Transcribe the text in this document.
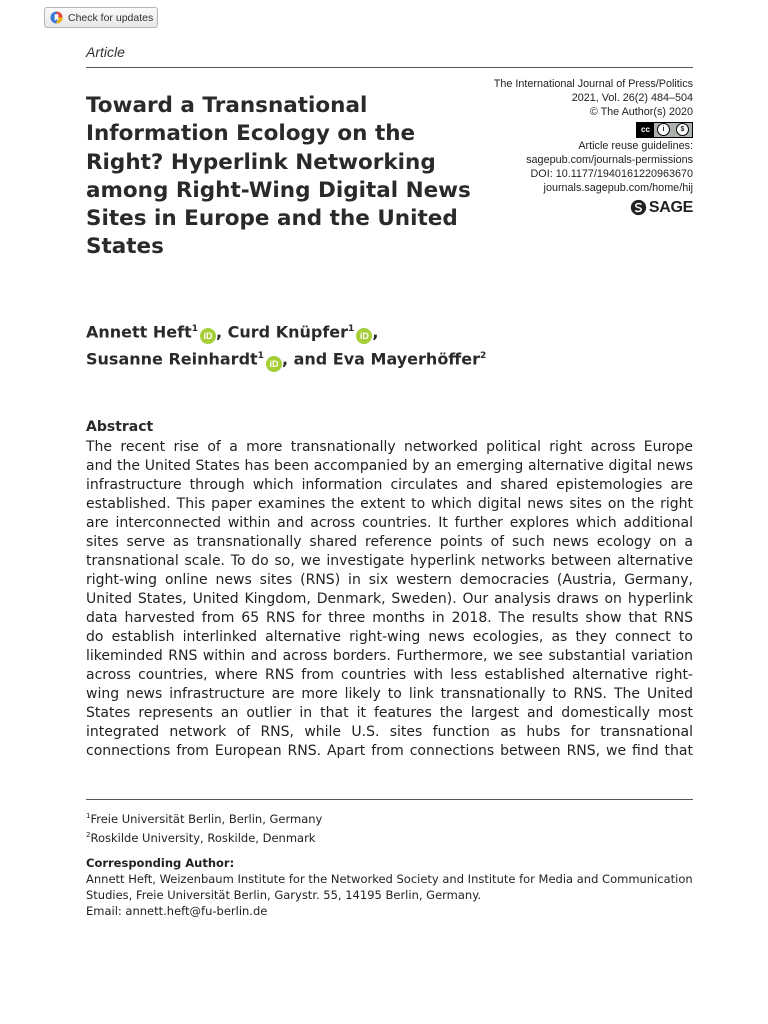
Check for updates
Article
Toward a Transnational Information Ecology on the Right? Hyperlink Networking among Right-Wing Digital News Sites in Europe and the United States
The International Journal of Press/Politics
2021, Vol. 26(2) 484–504
© The Author(s) 2020
cc	i	$
Article reuse guidelines:
sagepub.com/journals-permissions
DOI: 10.1177/1940161220963670
journals.sagepub.com/home/hij
SAGE

Annett Heft$^1$iD , Curd Knüpfer$^1$iD ,
Susanne Reinhardt$^1$iD , and Eva Mayerhöffer$^2$

Abstract

The recent rise of a more transnationally networked political right across Europe
and the United States has been accompanied by an emerging alternative digital news
infrastructure through which information circulates and shared epistemologies are
established. This paper examines the extent to which digital news sites on the right
are interconnected within and across countries. It further explores which additional
sites serve as transnationally shared reference points of such news ecology on a
transnational scale. To do so, we investigate hyperlink networks between alternative
right-wing online news sites (RNS) in six western democracies (Austria, Germany,
United States, United Kingdom, Denmark, Sweden). Our analysis draws on hyperlink
data harvested from 65 RNS for three months in 2018. The results show that RNS
do establish interlinked alternative right-wing news ecologies, as they connect to
likeminded RNS within and across borders. Furthermore, we see substantial variation
across countries, where RNS from countries with less established alternative right-
wing news infrastructure are more likely to link transnationally to RNS. The United
States represents an outlier in that it features the largest and domestically most
integrated network of RNS, while U.S. sites function as hubs for transnational
connections from European RNS. Apart from connections between RNS, we find that

$^1$Freie Universität Berlin, Berlin, Germany
$^2$Roskilde University, Roskilde, Denmark
Corresponding Author:
Annett Heft, Weizenbaum Institute for the Networked Society and Institute for Media and Communication
Studies, Freie Universität Berlin, Garystr. 55, 14195 Berlin, Germany.
Email: annett.heft@fu-berlin.de
